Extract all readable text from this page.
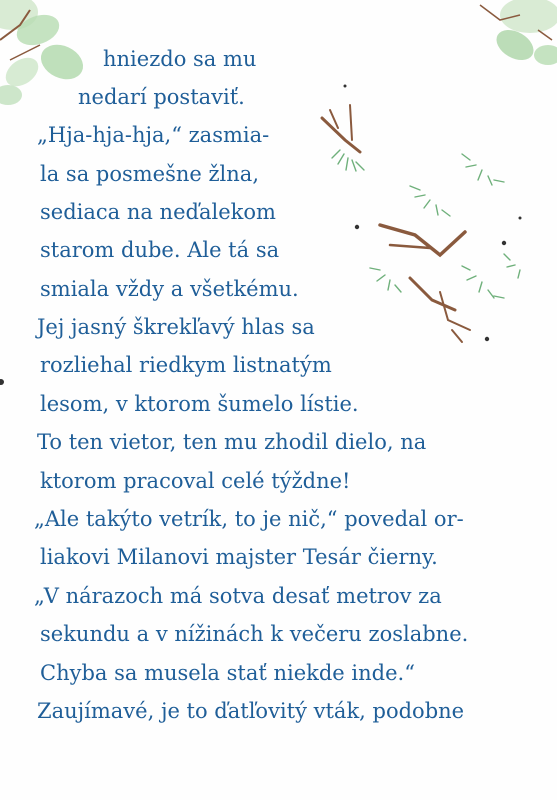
hniezdo sa mu
nedarí postaviť.
„Hja-hja-hja,“ zasmia-
la sa posmešne žlna,
sediaca na neďalekom
starom dube. Ale tá sa
smiala vždy a všetkému.
Jej jasný škrekľavý hlas sa
rozliehal riedkym listnatým
lesom, v ktorom šumelo lístie.
To ten vietor, ten mu zhodil dielo, na
ktorom pracoval celé týždne!
„Ale takýto vetrík, to je nič,“ povedal or-
liakovi Milanovi majster Tesár čierny.
„V nárazoch má sotva desať metrov za
sekundu a v nížinách k večeru zoslabne.
Chyba sa musela stať niekde inde.“
Zaujímavé, je to ďatľovitý vták, podobne
